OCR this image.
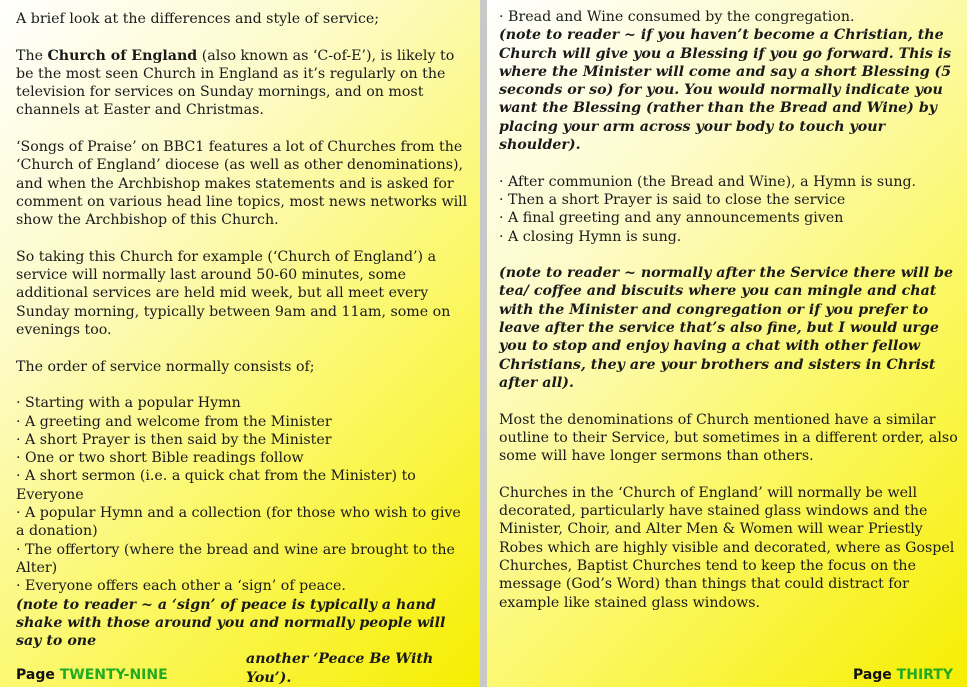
A brief look at the differences and style of service;

The Church of England (also known as ‘C-of-E’), is likely to be the most seen Church in England as it’s regularly on the television for services on Sunday mornings, and on most channels at Easter and Christmas.

‘Songs of Praise’ on BBC1 features a lot of Churches from the ‘Church of England’ diocese (as well as other denominations), and when the Archbishop makes statements and is asked for comment on various head line topics, most news networks will show the Archbishop of this Church.

So taking this Church for example (‘Church of England’) a service will normally last around 50-60 minutes, some additional services are held mid week, but all meet every Sunday morning, typically between 9am and 11am, some on evenings too.

The order of service normally consists of;

· Starting with a popular Hymn

· A greeting and welcome from the Minister

· A short Prayer is then said by the Minister

· One or two short Bible readings follow

· A short sermon (i.e. a quick chat from the Minister) to Everyone

· A popular Hymn and a collection (for those who wish to give a donation)

· The offertory (where the bread and wine are brought to the Alter)

· Everyone offers each other a ‘sign’ of peace.

(note to reader ~ a ‘sign’ of peace is typically a hand shake with those around you and normally people will say to one
another ‘Peace Be With You’).

Page TWENTY-NINE

· Bread and Wine consumed by the congregation.

(note to reader ~ if you haven’t become a Christian, the Church will give you a Blessing if you go forward. This is where the Minister will come and say a short Blessing (5 seconds or so) for you. You would normally indicate you want the Blessing (rather than the Bread and Wine) by placing your arm across your body to touch your shoulder).

· After communion (the Bread and Wine), a Hymn is sung.

· Then a short Prayer is said to close the service

· A final greeting and any announcements given

· A closing Hymn is sung.

(note to reader ~ normally after the Service there will be tea/ coffee and biscuits where you can mingle and chat with the Minister and congregation or if you prefer to leave after the service that’s also fine, but I would urge you to stop and enjoy having a chat with other fellow Christians, they are your brothers and sisters in Christ after all).

Most the denominations of Church mentioned have a similar outline to their Service, but sometimes in a different order, also some will have longer sermons than others.

Churches in the ‘Church of England’ will normally be well decorated, particularly have stained glass windows and the Minister, Choir, and Alter Men & Women will wear Priestly Robes which are highly visible and decorated, where as Gospel Churches, Baptist Churches tend to keep the focus on the message (God’s Word) than things that could distract for example like stained glass windows.

Page THIRTY
